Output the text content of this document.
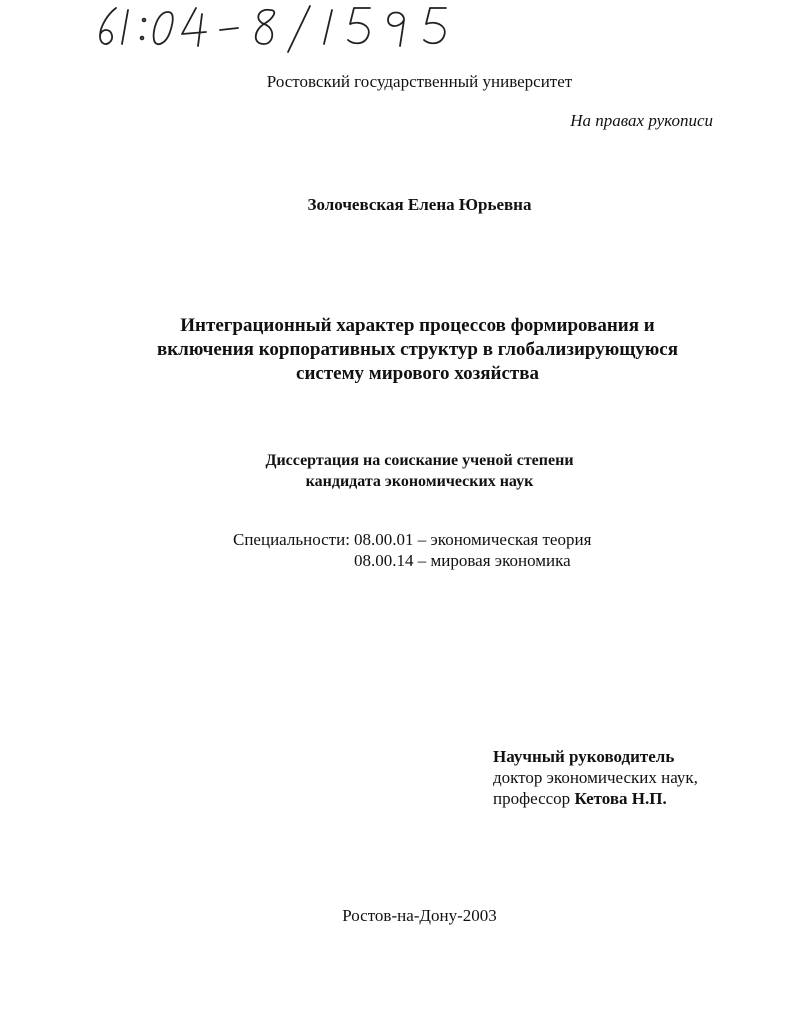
Ростовский государственный университет
На правах рукописи
Золочевская Елена Юрьевна
Интеграционный характер процессов формирования и
включения корпоративных структур в глобализирующуюся
систему мирового хозяйства
Диссертация на соискание ученой степени
кандидата экономических наук
Специальности: 08.00.01 – экономическая теория
08.00.14 – мировая экономика
Научный руководитель
доктор экономических наук,
профессор Кетова Н.П.
Ростов-на-Дону-2003
